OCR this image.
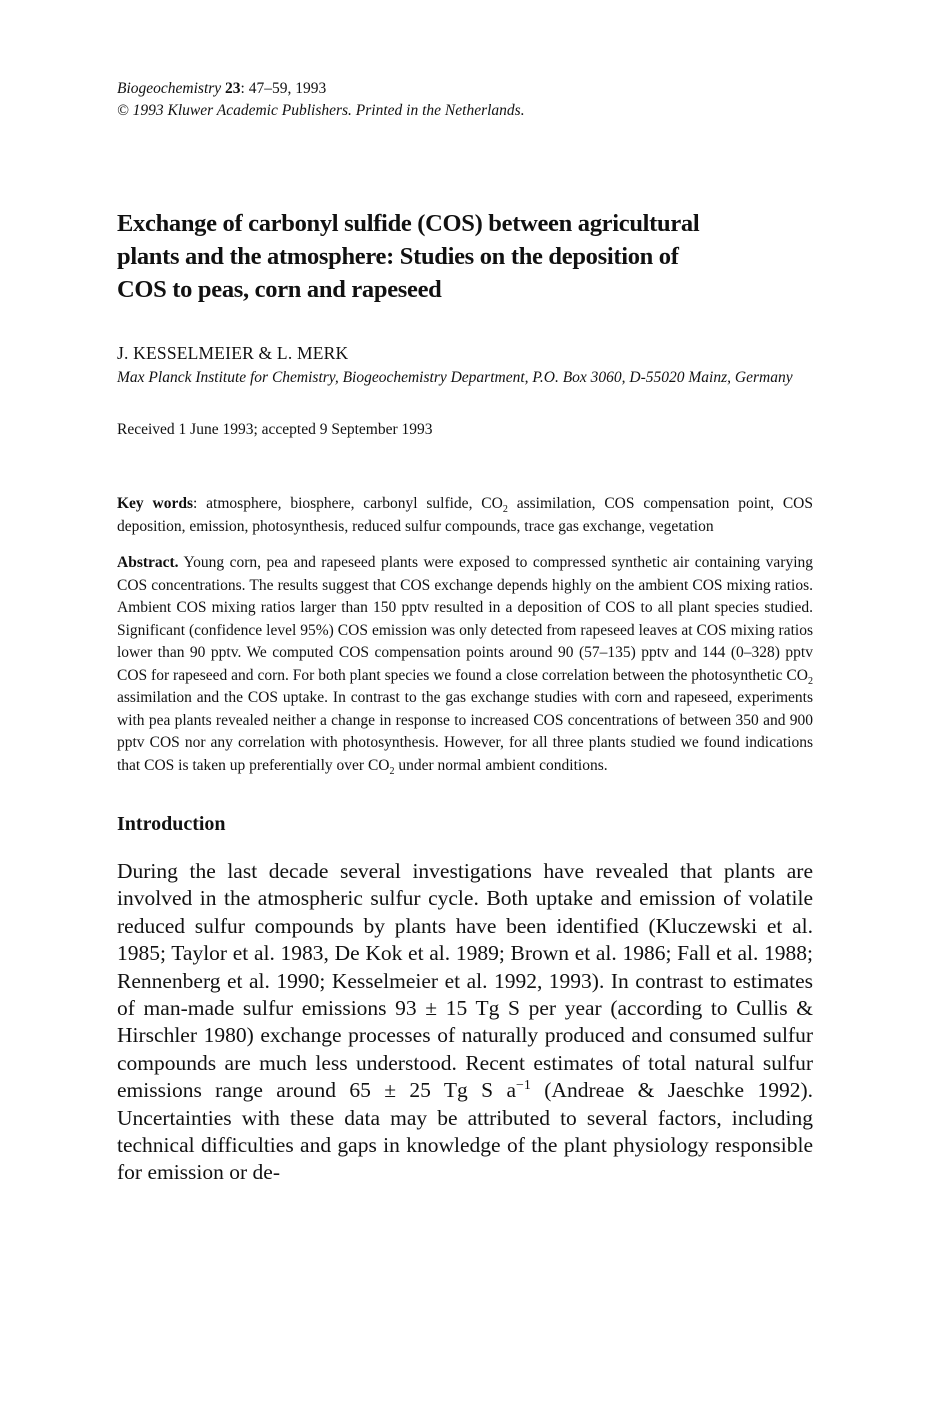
Biogeochemistry 23: 47–59, 1993
© 1993 Kluwer Academic Publishers. Printed in the Netherlands.
Exchange of carbonyl sulfide (COS) between agricultural
plants and the atmosphere: Studies on the deposition of
COS to peas, corn and rapeseed
J. KESSELMEIER & L. MERK
Max Planck Institute for Chemistry, Biogeochemistry Department, P.O. Box 3060, D-55020 Mainz, Germany
Received 1 June 1993; accepted 9 September 1993
Key words: atmosphere, biosphere, carbonyl sulfide, $CO_2$ assimilation, COS compensation point, COS deposition, emission, photosynthesis, reduced sulfur compounds, trace gas exchange, vegetation
Abstract. Young corn, pea and rapeseed plants were exposed to compressed synthetic air containing varying COS concentrations. The results suggest that COS exchange depends highly on the ambient COS mixing ratios. Ambient COS mixing ratios larger than 150 pptv resulted in a deposition of COS to all plant species studied. Significant (confidence level 95%) COS emission was only detected from rapeseed leaves at COS mixing ratios lower than 90 pptv. We computed COS compensation points around 90 (57–135) pptv and 144 (0–328) pptv COS for rapeseed and corn. For both plant species we found a close correlation between the photosynthetic $CO_2$ assimilation and the COS uptake. In contrast to the gas exchange studies with corn and rapeseed, experiments with pea plants revealed neither a change in response to increased COS concentrations of between 350 and 900 pptv COS nor any correlation with photosynthesis. However, for all three plants studied we found indications that COS is taken up preferentially over $CO_2$ under normal ambient conditions.
Introduction
During the last decade several investigations have revealed that plants are involved in the atmospheric sulfur cycle. Both uptake and emission of volatile reduced sulfur compounds by plants have been identified (Kluczewski et al. 1985; Taylor et al. 1983, De Kok et al. 1989; Brown et al. 1986; Fall et al. 1988; Rennenberg et al. 1990; Kesselmeier et al. 1992, 1993). In contrast to estimates of man-made sulfur emissions 93 ± 15 Tg S per year (according to Cullis & Hirschler 1980) exchange processes of naturally produced and consumed sulfur compounds are much less understood. Recent estimates of total natural sulfur emissions range around 65 ± 25 Tg S $a^{-1}$ (Andreae & Jaeschke 1992). Uncertainties with these data may be attributed to several factors, including technical difficulties and gaps in knowledge of the plant physiology responsible for emission or de-
